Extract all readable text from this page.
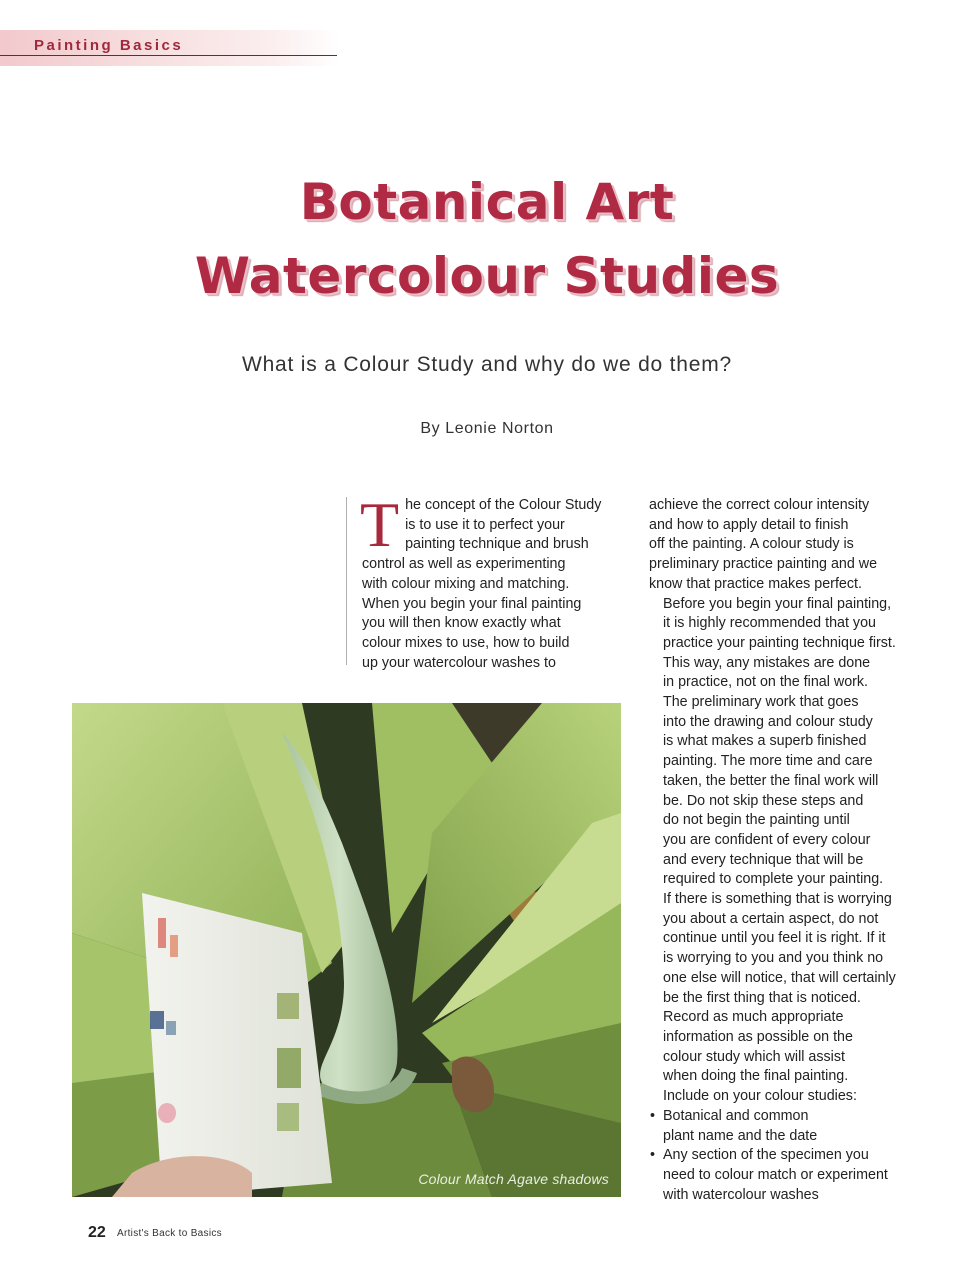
Painting Basics
Botanical Art
Watercolour Studies
What is a Colour Study and why do we do them?
By Leonie Norton
T he concept of the Colour Study
is to use it to perfect your
painting technique and brush
control as well as experimenting
with colour mixing and matching.
When you begin your final painting
you will then know exactly what
colour mixes to use, how to build
up your watercolour washes to

achieve the correct colour intensity
and how to apply detail to finish
off the painting. A colour study is
preliminary practice painting and we
know that practice makes perfect.

Before you begin your final painting,
it is highly recommended that you
practice your painting technique first.
This way, any mistakes are done
in practice, not on the final work.

The preliminary work that goes
into the drawing and colour study
is what makes a superb finished
painting. The more time and care
taken, the better the final work will
be. Do not skip these steps and
do not begin the painting until
you are confident of every colour
and every technique that will be
required to complete your painting.

If there is something that is worrying
you about a certain aspect, do not
continue until you feel it is right. If it
is worrying to you and you think no
one else will notice, that will certainly
be the first thing that is noticed.

Record as much appropriate
information as possible on the
colour study which will assist
when doing the final painting.
Include on your colour studies:

• Botanical and common
plant name and the date
• Any section of the specimen you
need to colour match or experiment
with watercolour washes
Colour Match Agave shadows
22 Artist's Back to Basics
